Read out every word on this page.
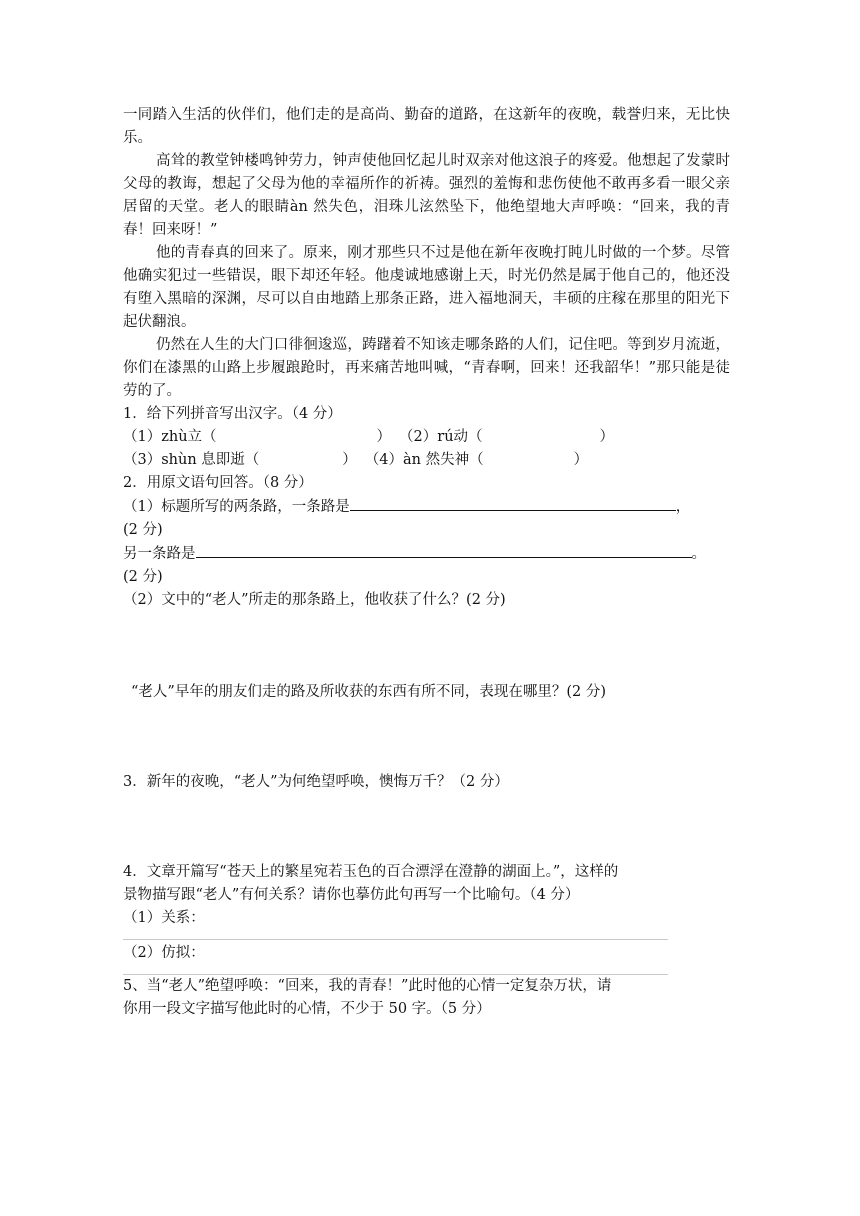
一同踏入生活的伙伴们，他们走的是高尚、勤奋的道路，在这新年的夜晚，载誉归来，无比快乐。

高耸的教堂钟楼鸣钟劳力，钟声使他回忆起儿时双亲对他这浪子的疼爱。他想起了发蒙时父母的教诲，想起了父母为他的幸福所作的祈祷。强烈的羞悔和悲伤使他不敢再多看一眼父亲居留的天堂。老人的眼睛àn 然失色，泪珠儿泫然坠下，他绝望地大声呼唤：“回来，我的青春！回来呀！”

他的青春真的回来了。原来，刚才那些只不过是他在新年夜晚打盹儿时做的一个梦。尽管他确实犯过一些错误，眼下却还年轻。他虔诚地感谢上天，时光仍然是属于他自己的，他还没有堕入黑暗的深渊，尽可以自由地踏上那条正路，进入福地洞天，丰硕的庄稼在那里的阳光下起伏翻浪。

仍然在人生的大门口徘徊逡巡，踌躇着不知该走哪条路的人们，记住吧。等到岁月流逝，你们在漆黑的山路上步履踉跄时，再来痛苦地叫喊，“青春啊，回来！还我韶华！”那只能是徒劳的了。

1．给下列拼音写出汉字。（4 分）
（1）zhù立（	） （2）rú动（	）
（3）shùn 息即逝（	） （4）àn 然失神（	）
2．用原文语句回答。（8 分）
（1）标题所写的两条路，一条路是	，
(2 分)
另一条路是	。
(2 分)
（2）文中的“老人”所走的那条路上，他收获了什么？(2 分)
“老人”早年的朋友们走的路及所收获的东西有所不同，表现在哪里？(2 分)
3．新年的夜晚，“老人”为何绝望呼唤，懊悔万千？（2 分）
4．文章开篇写“苍天上的繁星宛若玉色的百合漂浮在澄静的湖面上。”，这样的
景物描写跟“老人”有何关系？请你也摹仿此句再写一个比喻句。（4 分）
（1）关系：
（2）仿拟：
5、当“老人”绝望呼唤：“回来，我的青春！”此时他的心情一定复杂万状，请
你用一段文字描写他此时的心情，不少于 50 字。（5 分）
